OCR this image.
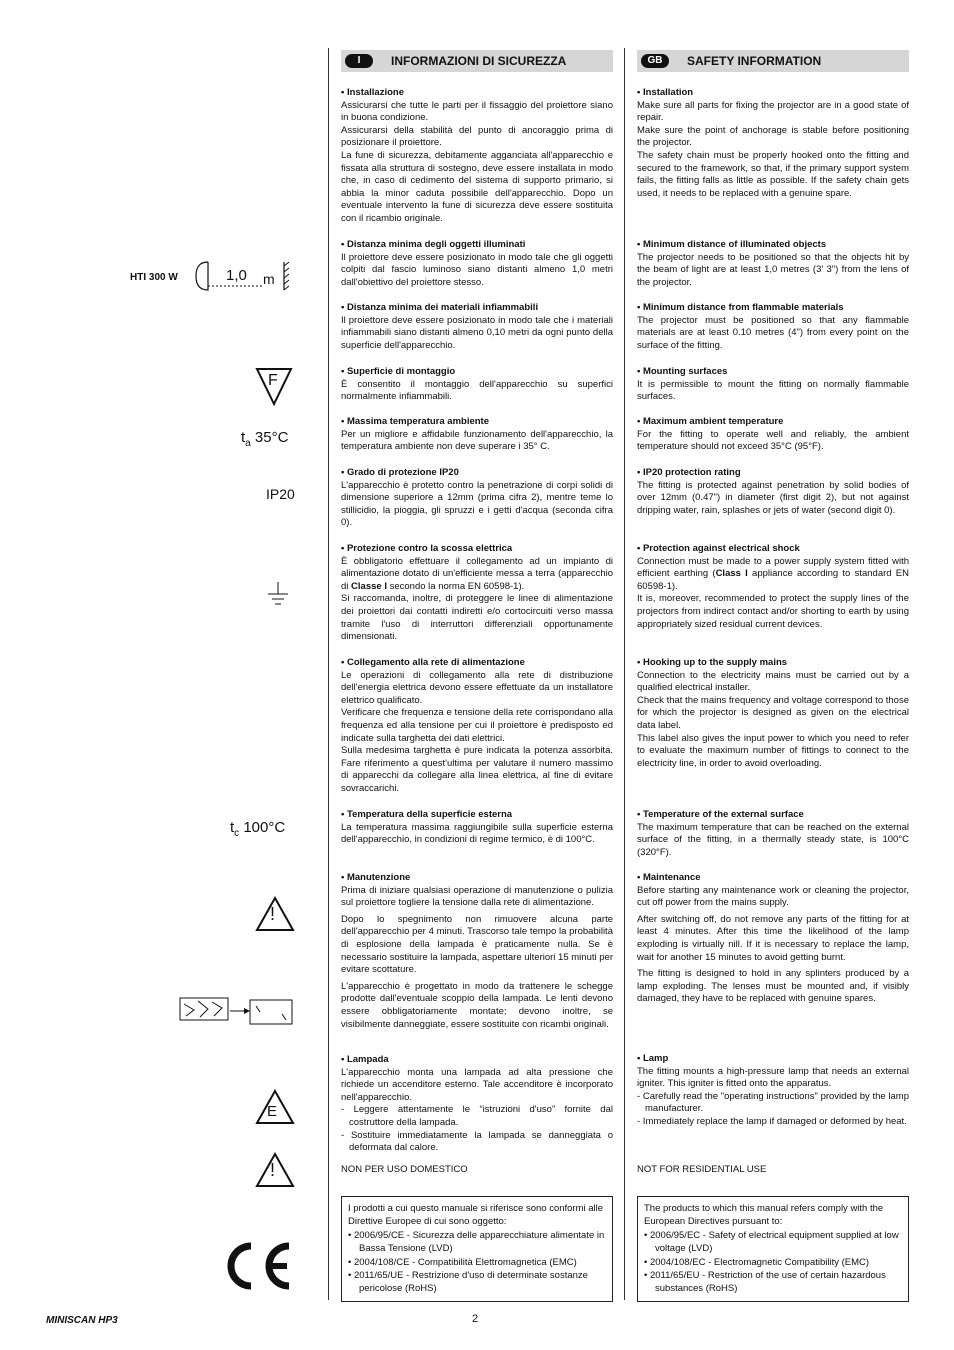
HTI 300 W	1,0 m
F
$t_a$ 35°C
IP20
$t_c$ 100°C
!
E
!
I	INFORMAZIONI DI SICUREZZA
• Installazione

Assicurarsi che tutte le parti per il fissaggio del proiettore siano in buona condizione.

Assicurarsi della stabilità del punto di ancoraggio prima di posizionare il proiettore.

La fune di sicurezza, debitamente agganciata all'apparecchio e fissata alla struttura di sostegno, deve essere installata in modo che, in caso di cedimento del sistema di supporto primario, si abbia la minor caduta possibile dell'apparecchio. Dopo un eventuale intervento la fune di sicurezza deve essere sostituita con il ricambio originale.

• Distanza minima degli oggetti illuminati

Il proiettore deve essere posizionato in modo tale che gli oggetti colpiti dal fascio luminoso siano distanti almeno 1,0 metri dall'obiettivo del proiettore stesso.

• Distanza minima dei materiali infiammabili

Il proiettore deve essere posizionato in modo tale che i materiali infiammabili siano distanti almeno 0,10 metri da ogni punto della superficie dell'apparecchio.

• Superficie di montaggio

È consentito il montaggio dell'apparecchio su superfici normalmente infiammabili.

• Massima temperatura ambiente

Per un migliore e affidabile funzionamento dell'apparecchio, la temperatura ambiente non deve superare i 35° C.

• Grado di protezione IP20

L'apparecchio è protetto contro la penetrazione di corpi solidi di dimensione superiore a 12mm (prima cifra 2), mentre teme lo stillicidio, la pioggia, gli spruzzi e i getti d'acqua (seconda cifra 0).

• Protezione contro la scossa elettrica

È obbligatorio effettuare il collegamento ad un impianto di alimentazione dotato di un'efficiente messa a terra (apparecchio di Classe I secondo la norma EN 60598-1).

Si raccomanda, inoltre, di proteggere le linee di alimentazione dei proiettori dai contatti indiretti e/o cortocircuiti verso massa tramite l'uso di interruttori differenziali opportunamente dimensionati.

• Collegamento alla rete di alimentazione

Le operazioni di collegamento alla rete di distribuzione dell'energia elettrica devono essere effettuate da un installatore elettrico qualificato.

Verificare che frequenza e tensione della rete corrispondano alla frequenza ed alla tensione per cui il proiettore è predisposto ed indicate sulla targhetta dei dati elettrici.

Sulla medesima targhetta è pure indicata la potenza assorbita. Fare riferimento a quest'ultima per valutare il numero massimo di apparecchi da collegare alla linea elettrica, al fine di evitare sovraccarichi.

• Temperatura della superficie esterna

La temperatura massima raggiungibile sulla superficie esterna dell'apparecchio, in condizioni di regime termico, è di 100°C.

• Manutenzione

Prima di iniziare qualsiasi operazione di manutenzione o pulizia sul proiettore togliere la tensione dalla rete di alimentazione.

Dopo lo spegnimento non rimuovere alcuna parte dell'apparecchio per 4 minuti. Trascorso tale tempo la probabilità di esplosione della lampada è praticamente nulla. Se è necessario sostituire la lampada, aspettare ulteriori 15 minuti per evitare scottature.

L'apparecchio è progettato in modo da trattenere le schegge prodotte dall'eventuale scoppio della lampada. Le lenti devono essere obbligatoriamente montate; devono inoltre, se visibilmente danneggiate, essere sostituite con ricambi originali.

• Lampada

L'apparecchio monta una lampada ad alta pressione che richiede un accenditore esterno. Tale accenditore è incorporato nell'apparecchio.

- Leggere attentamente le “istruzioni d'uso” fornite dal costruttore della lampada.
- Sostituire immediatamente la lampada se danneggiata o deformata dal calore.
NON PER USO DOMESTICO

I prodotti a cui questo manuale si riferisce sono conformi alle Direttive Europee di cui sono oggetto:

• 2006/95/CE - Sicurezza delle apparecchiature alimentate in Bassa Tensione (LVD)
• 2004/108/CE - Compatibilità Elettromagnetica (EMC)
• 2011/65/UE - Restrizione d'uso di determinate sostanze pericolose (RoHS)
GB	SAFETY INFORMATION
• Installation

Make sure all parts for fixing the projector are in a good state of repair.

Make sure the point of anchorage is stable before positioning the projector.

The safety chain must be properly hooked onto the fitting and secured to the framework, so that, if the primary support system fails, the fitting falls as little as possible. If the safety chain gets used, it needs to be replaced with a genuine spare.

• Minimum distance of illuminated objects

The projector needs to be positioned so that the objects hit by the beam of light are at least 1,0 metres (3' 3") from the lens of the projector.

• Minimum distance from flammable materials

The projector must be positioned so that any flammable materials are at least 0.10 metres (4") from every point on the surface of the fitting.

• Mounting surfaces

It is permissible to mount the fitting on normally flammable surfaces.

• Maximum ambient temperature

For the fitting to operate well and reliably, the ambient temperature should not exceed 35°C (95°F).

• IP20 protection rating

The fitting is protected against penetration by solid bodies of over 12mm (0.47") in diameter (first digit 2), but not against dripping water, rain, splashes or jets of water (second digit 0).

• Protection against electrical shock

Connection must be made to a power supply system fitted with efficient earthing (Class I appliance according to standard EN 60598-1).

It is, moreover, recommended to protect the supply lines of the projectors from indirect contact and/or shorting to earth by using appropriately sized residual current devices.

• Hooking up to the supply mains

Connection to the electricity mains must be carried out by a qualified electrical installer.

Check that the mains frequency and voltage correspond to those for which the projector is designed as given on the electrical data label.

This label also gives the input power to which you need to refer to evaluate the maximum number of fittings to connect to the electricity line, in order to avoid overloading.

• Temperature of the external surface

The maximum temperature that can be reached on the external surface of the fitting, in a thermally steady state, is 100°C (320°F).

• Maintenance

Before starting any maintenance work or cleaning the projector, cut off power from the mains supply.

After switching off, do not remove any parts of the fitting for at least 4 minutes. After this time the likelihood of the lamp exploding is virtually nill. If it is necessary to replace the lamp, wait for another 15 minutes to avoid getting burnt.

The fitting is designed to hold in any splinters produced by a lamp exploding. The lenses must be mounted and, if visibly damaged, they have to be replaced with genuine spares.

• Lamp

The fitting mounts a high-pressure lamp that needs an external igniter. This igniter is fitted onto the apparatus.

- Carefully read the "operating instructions" provided by the lamp manufacturer.
- Immediately replace the lamp if damaged or deformed by heat.
NOT FOR RESIDENTIAL USE

The products to which this manual refers comply with the European Directives pursuant to:

• 2006/95/EC - Safety of electrical equipment supplied at low voltage (LVD)
• 2004/108/EC - Electromagnetic Compatibility (EMC)
• 2011/65/EU - Restriction of the use of certain hazardous substances (RoHS)
MINISCAN HP3	2
